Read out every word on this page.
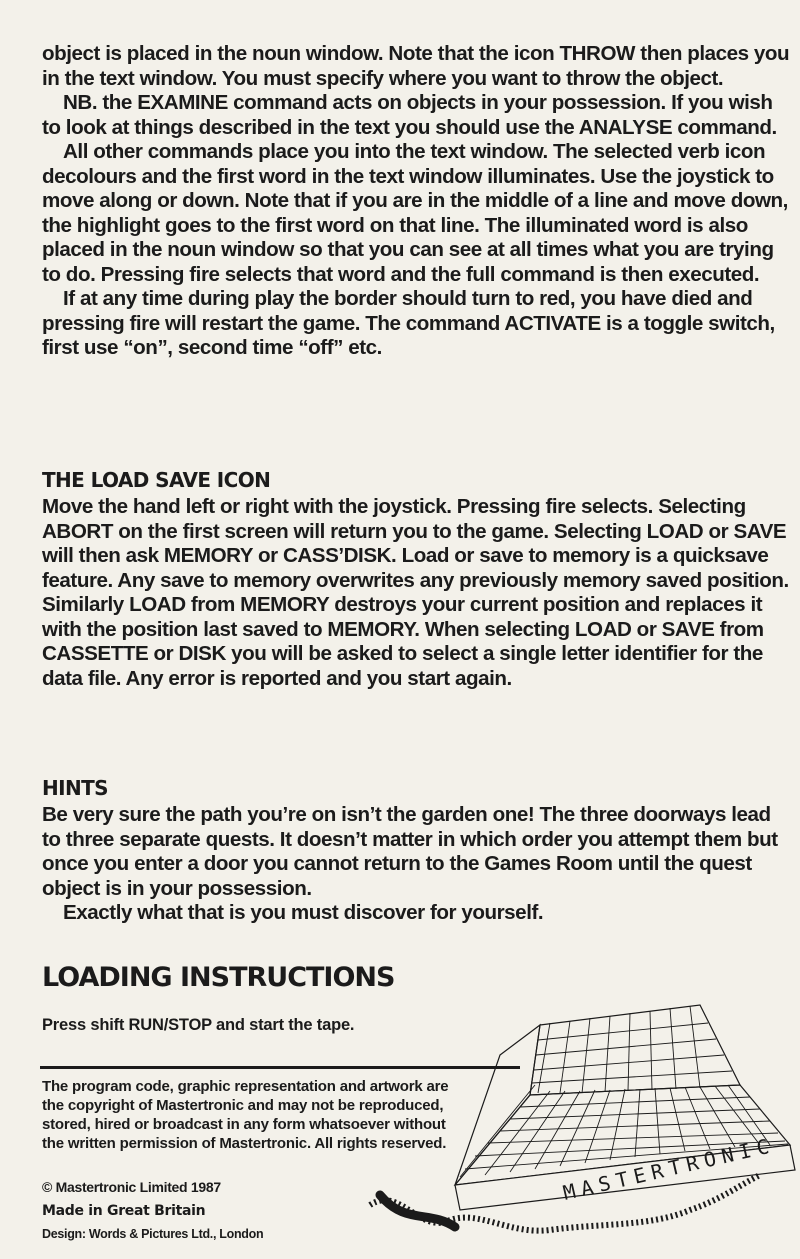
object is placed in the noun window. Note that the icon THROW then places you in the text window. You must specify where you want to throw the object.

NB. the EXAMINE command acts on objects in your possession. If you wish to look at things described in the text you should use the ANALYSE command.

All other commands place you into the text window. The selected verb icon decolours and the first word in the text window illuminates. Use the joystick to move along or down. Note that if you are in the middle of a line and move down, the highlight goes to the first word on that line. The illuminated word is also placed in the noun window so that you can see at all times what you are trying to do. Pressing fire selects that word and the full command is then executed.

If at any time during play the border should turn to red, you have died and pressing fire will restart the game. The command ACTIVATE is a toggle switch, first use “on”, second time “off” etc.

THE LOAD SAVE ICON

Move the hand left or right with the joystick. Pressing fire selects. Selecting ABORT on the first screen will return you to the game. Selecting LOAD or SAVE will then ask MEMORY or CASS’DISK. Load or save to memory is a quicksave feature. Any save to memory overwrites any previously memory saved position. Similarly LOAD from MEMORY destroys your current position and replaces it with the position last saved to MEMORY. When selecting LOAD or SAVE from CASSETTE or DISK you will be asked to select a single letter identifier for the data file. Any error is reported and you start again.

HINTS

Be very sure the path you’re on isn’t the garden one! The three doorways lead to three separate quests. It doesn’t matter in which order you attempt them but once you enter a door you cannot return to the Games Room until the quest object is in your possession.

Exactly what that is you must discover for yourself.

LOADING INSTRUCTIONS
Press shift RUN/STOP and start the tape.
The program code, graphic representation and artwork are the copyright of Mastertronic and may not be reproduced, stored, hired or broadcast in any form whatsoever without the written permission of Mastertronic. All rights reserved.
© Mastertronic Limited 1987
Made in Great Britain
Design: Words & Pictures Ltd., London
MASTERTRONIC
